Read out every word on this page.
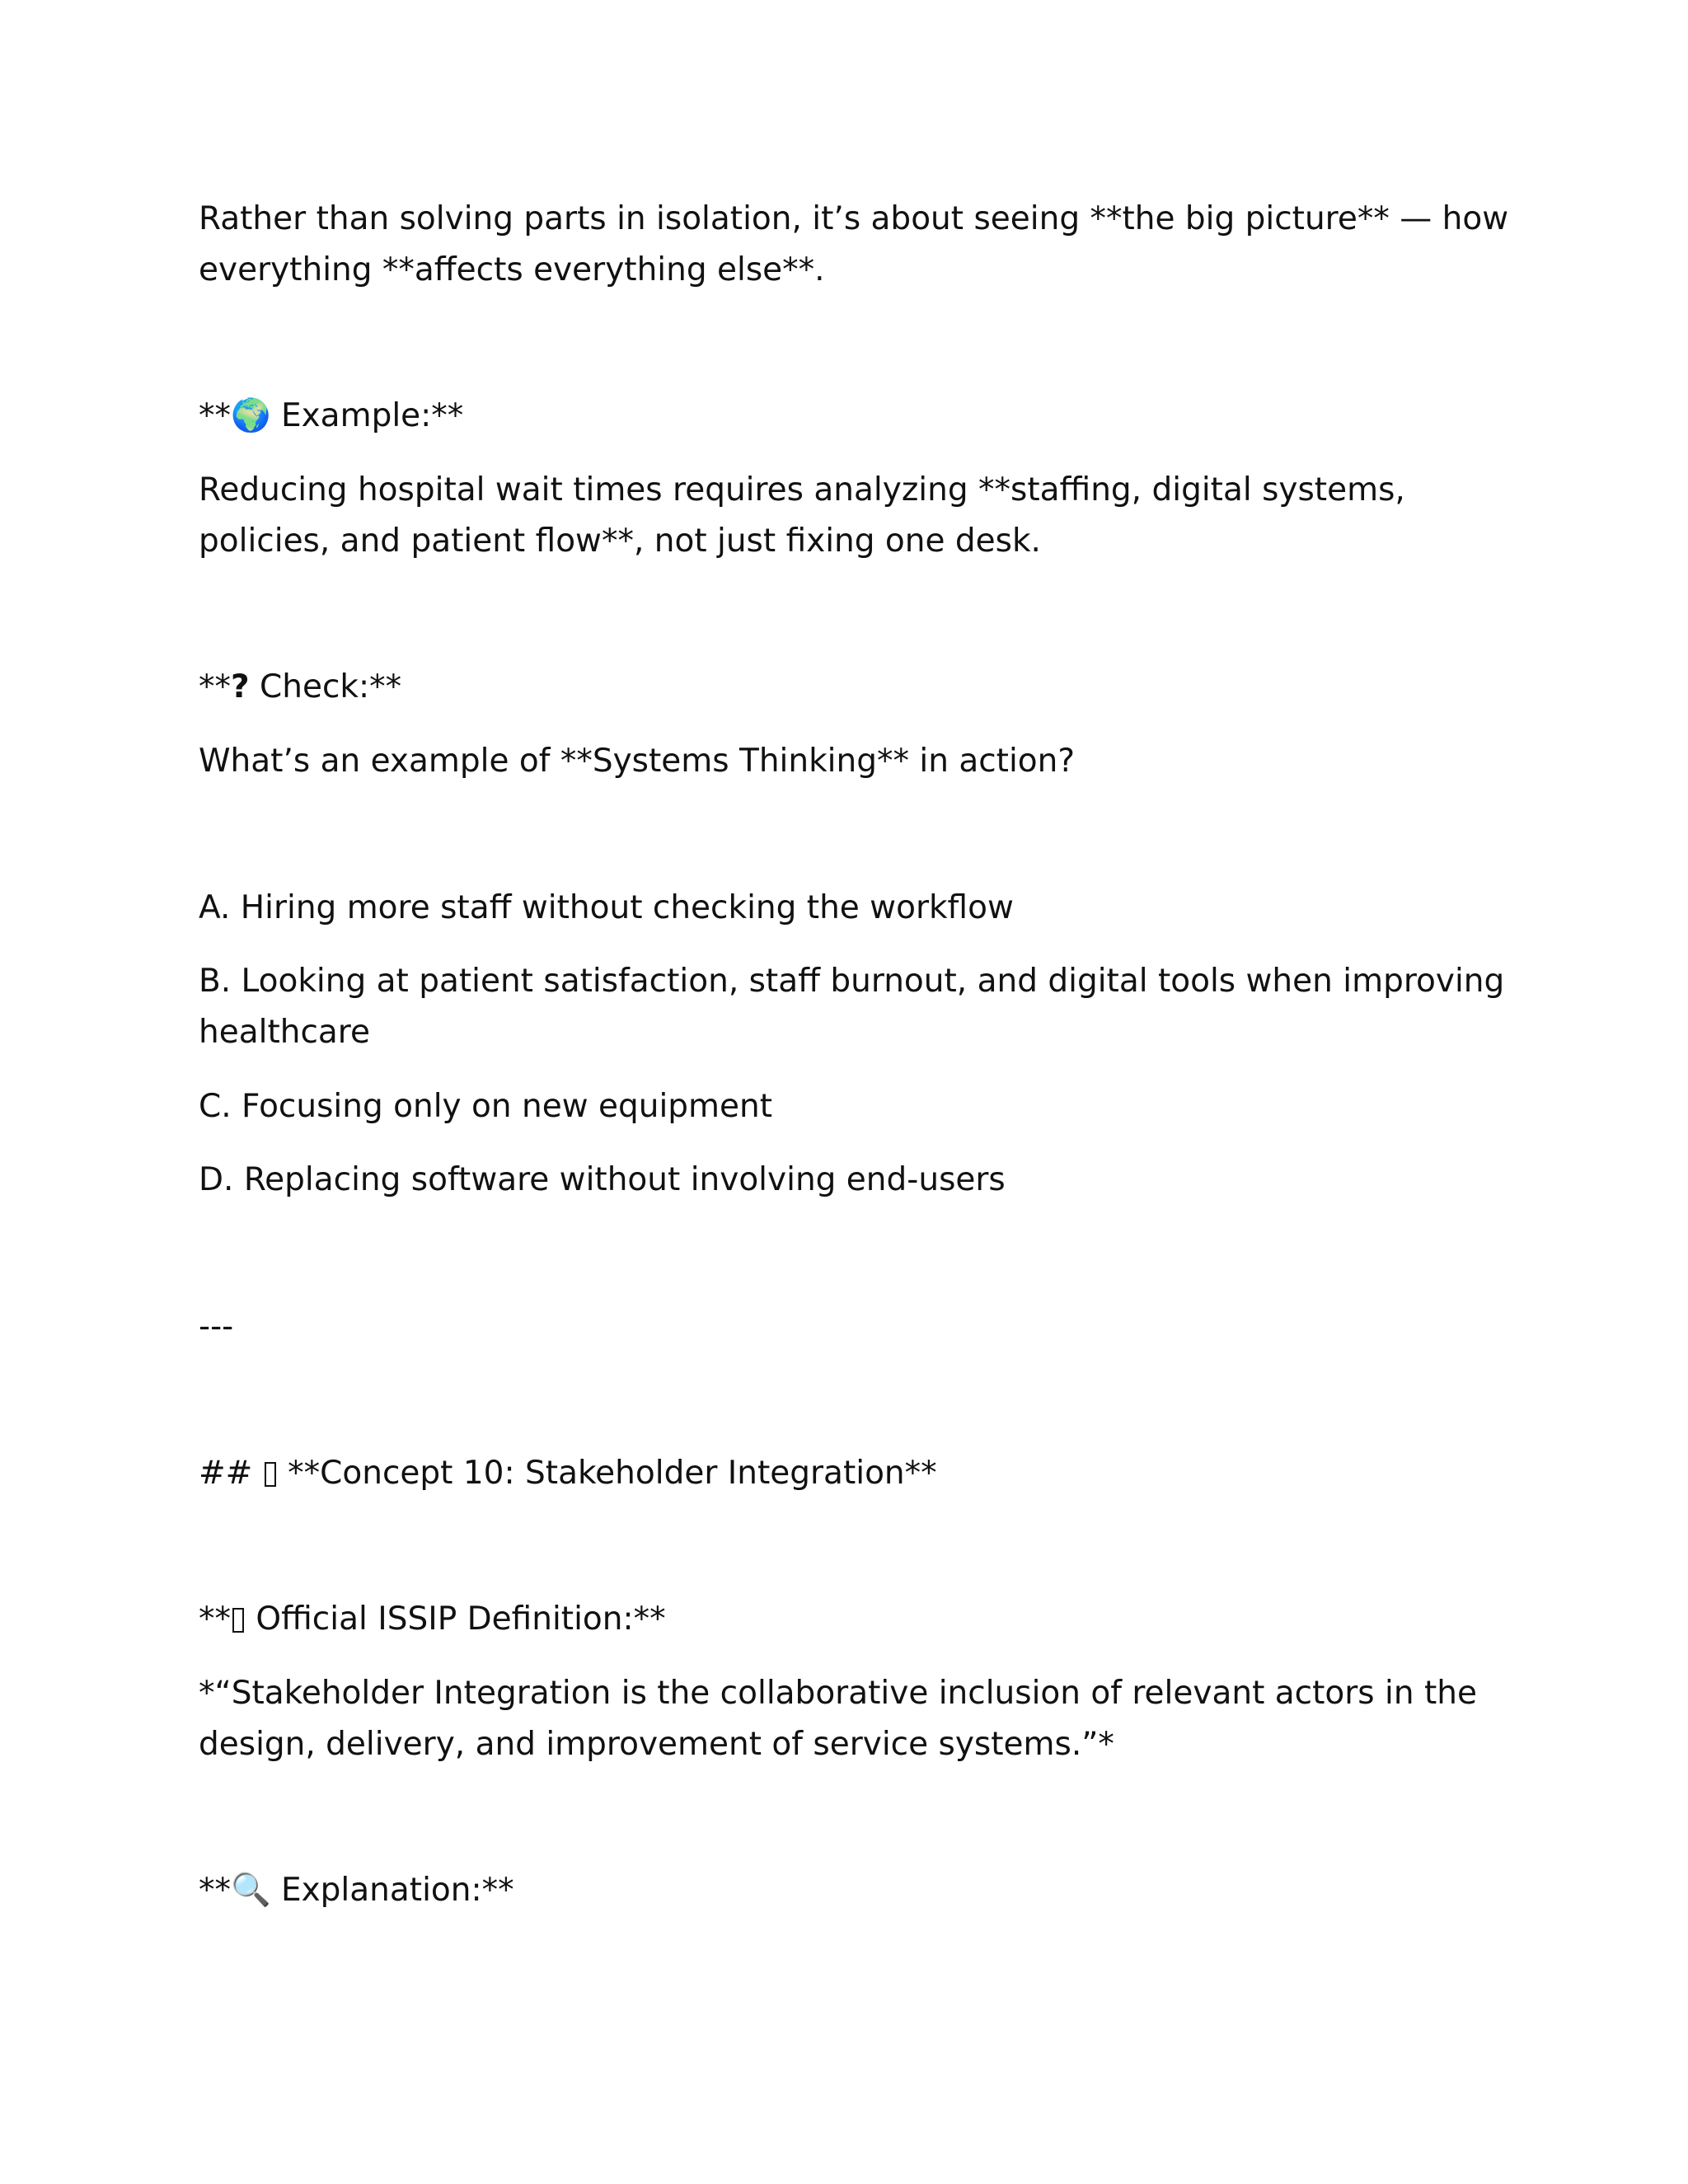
Rather than solving parts in isolation, it’s about seeing **the big picture** — how
everything **affects everything else**.
**🌍 Example:**
Reducing hospital wait times requires analyzing **staffing, digital systems,
policies, and patient flow**, not just fixing one desk.
**? Check:**
What’s an example of **Systems Thinking** in action?
A. Hiring more staff without checking the workflow
B. Looking at patient satisfaction, staff burnout, and digital tools when improving
healthcare
C. Focusing only on new equipment
D. Replacing software without involving end-users
---
##  **Concept 10: Stakeholder Integration**
** Official ISSIP Definition:**
*“Stakeholder Integration is the collaborative inclusion of relevant actors in the
design, delivery, and improvement of service systems.”*
**🔍 Explanation:**
